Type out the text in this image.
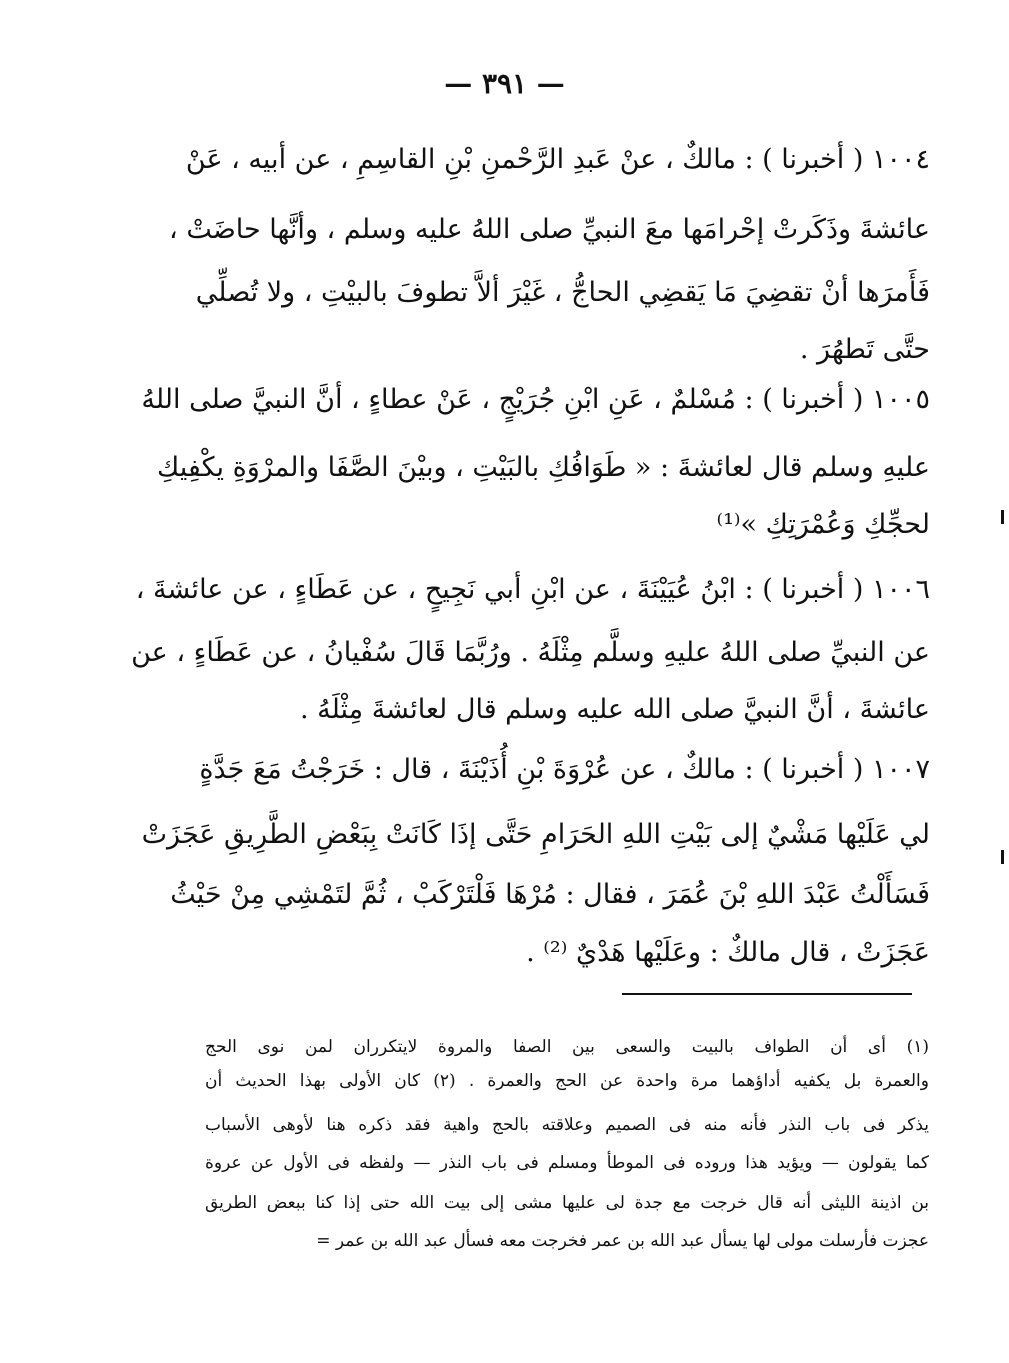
— ٣٩١ —
١٠٠٤ ( أخبرنا ) : مالكٌ ، عنْ عَبدِ الرَّحْمنِ بْنِ القاسِمِ ، عن أبيه ، عَنْ
عائشةَ وذَكَرتْ إحْرامَها معَ النبيِّ صلى اللهُ عليه وسلم ، وأنَّها حاضَتْ ،
فَأَمرَها أنْ تقضِيَ مَا يَقضِي الحاجُّ ، غَيْرَ ألاَّ تطوفَ بالبيْتِ ، ولا تُصلِّي
حتَّى تَطهُرَ .
١٠٠٥ ( أخبرنا ) : مُسْلمٌ ، عَنِ ابْنِ جُرَيْجٍ ، عَنْ عطاءٍ ، أنَّ النبيَّ صلى اللهُ
عليهِ وسلم قال لعائشةَ : « طَوَافُكِ بالبَيْتِ ، وبيْنَ الصَّفَا والمرْوَةِ يكْفِيكِ
لحجِّكِ وَعُمْرَتِكِ »⁽¹⁾
١٠٠٦ ( أخبرنا ) : ابْنُ عُيَيْنَةَ ، عن ابْنِ أبي نَجِيحٍ ، عن عَطَاءٍ ، عن عائشةَ ،
عن النبيِّ صلى اللهُ عليهِ وسلَّم مِثْلَهُ . ورُبَّمَا قَالَ سُفْيانُ ، عن عَطَاءٍ ، عن
عائشةَ ، أنَّ النبيَّ صلى الله عليه وسلم قال لعائشةَ مِثْلَهُ .
١٠٠٧ ( أخبرنا ) : مالكٌ ، عن عُرْوَةَ بْنِ أُذَيْنَةَ ، قال : خَرَجْتُ مَعَ جَدَّةٍ
لي عَلَيْها مَشْيٌ إلى بَيْتِ اللهِ الحَرَامِ حَتَّى إذَا كَانَتْ بِبَعْضِ الطَّرِيقِ عَجَزَتْ
فَسَأَلْتُ عَبْدَ اللهِ بْنَ عُمَرَ ، فقال : مُرْهَا فَلْتَرْكَبْ ، ثُمَّ لتَمْشِي مِنْ حَيْثُ
عَجَزَتْ ، قال مالكٌ : وعَلَيْها هَدْيٌ ⁽²⁾ .
(١) أى أن الطواف بالبيت والسعى بين الصفا والمروة لايتكرران لمن نوى الحج
والعمرة بل يكفيه أداؤهما مرة واحدة عن الحج والعمرة . (٢) كان الأولى بهذا الحديث أن
يذكر فى باب النذر فأنه منه فى الصميم وعلاقته بالحج واهية فقد ذكره هنا لأوهى الأسباب
كما يقولون — ويؤيد هذا وروده فى الموطأ ومسلم فى باب النذر — ولفظه فى الأول عن عروة
بن اذينة الليثى أنه قال خرجت مع جدة لى عليها مشى إلى بيت الله حتى إذا كنا ببعض الطريق
عجزت فأرسلت مولى لها يسأل عبد الله بن عمر فخرجت معه فسأل عبد الله بن عمر =
